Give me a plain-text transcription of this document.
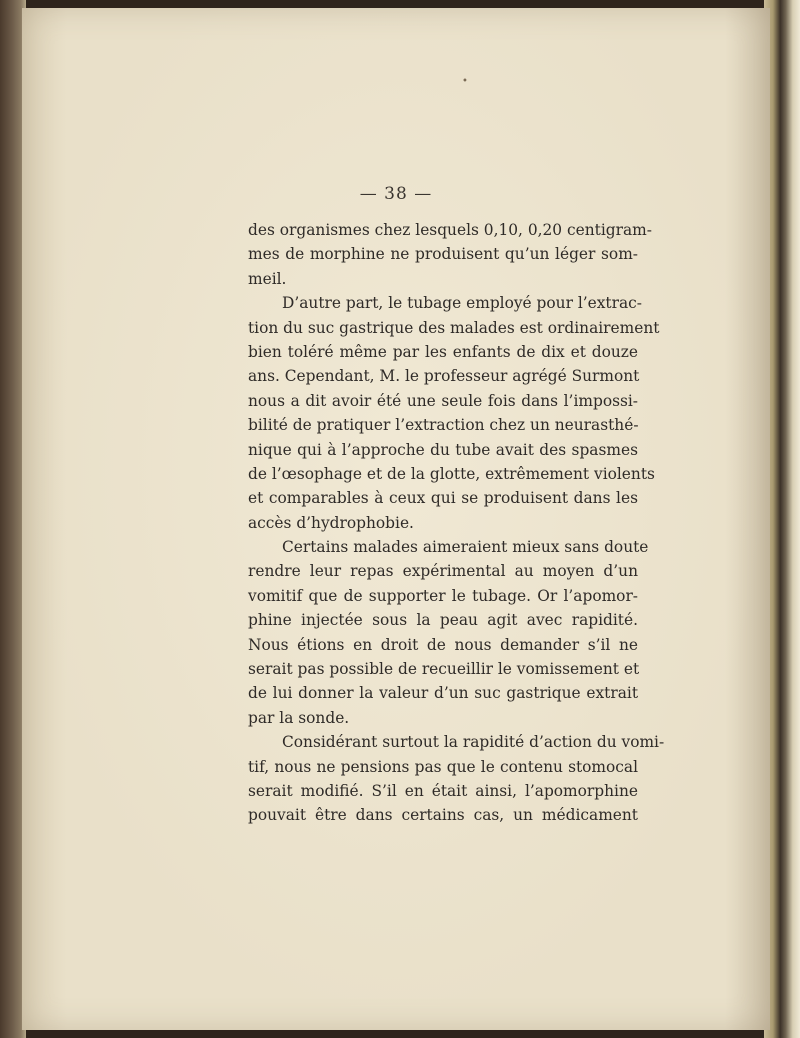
•
— 38 —
des organismes chez lesquels 0,10, 0,20 centigram-
mes de morphine ne produisent qu’un léger som-
meil.
D’autre part, le tubage employé pour l’extrac-
tion du suc gastrique des malades est ordinairement
bien toléré même par les enfants de dix et douze
ans. Cependant, M. le professeur agrégé Surmont
nous a dit avoir été une seule fois dans l’impossi-
bilité de pratiquer l’extraction chez un neurasthé-
nique qui à l’approche du tube avait des spasmes
de l’œsophage et de la glotte, extrêmement violents
et comparables à ceux qui se produisent dans les
accès d’hydrophobie.
Certains malades aimeraient mieux sans doute
rendre leur repas expérimental au moyen d’un
vomitif que de supporter le tubage. Or l’apomor-
phine injectée sous la peau agit avec rapidité.
Nous étions en droit de nous demander s’il ne
serait pas possible de recueillir le vomissement et
de lui donner la valeur d’un suc gastrique extrait
par la sonde.
Considérant surtout la rapidité d’action du vomi-
tif, nous ne pensions pas que le contenu stomocal
serait modifié. S’il en était ainsi, l’apomorphine
pouvait être dans certains cas, un médicament
